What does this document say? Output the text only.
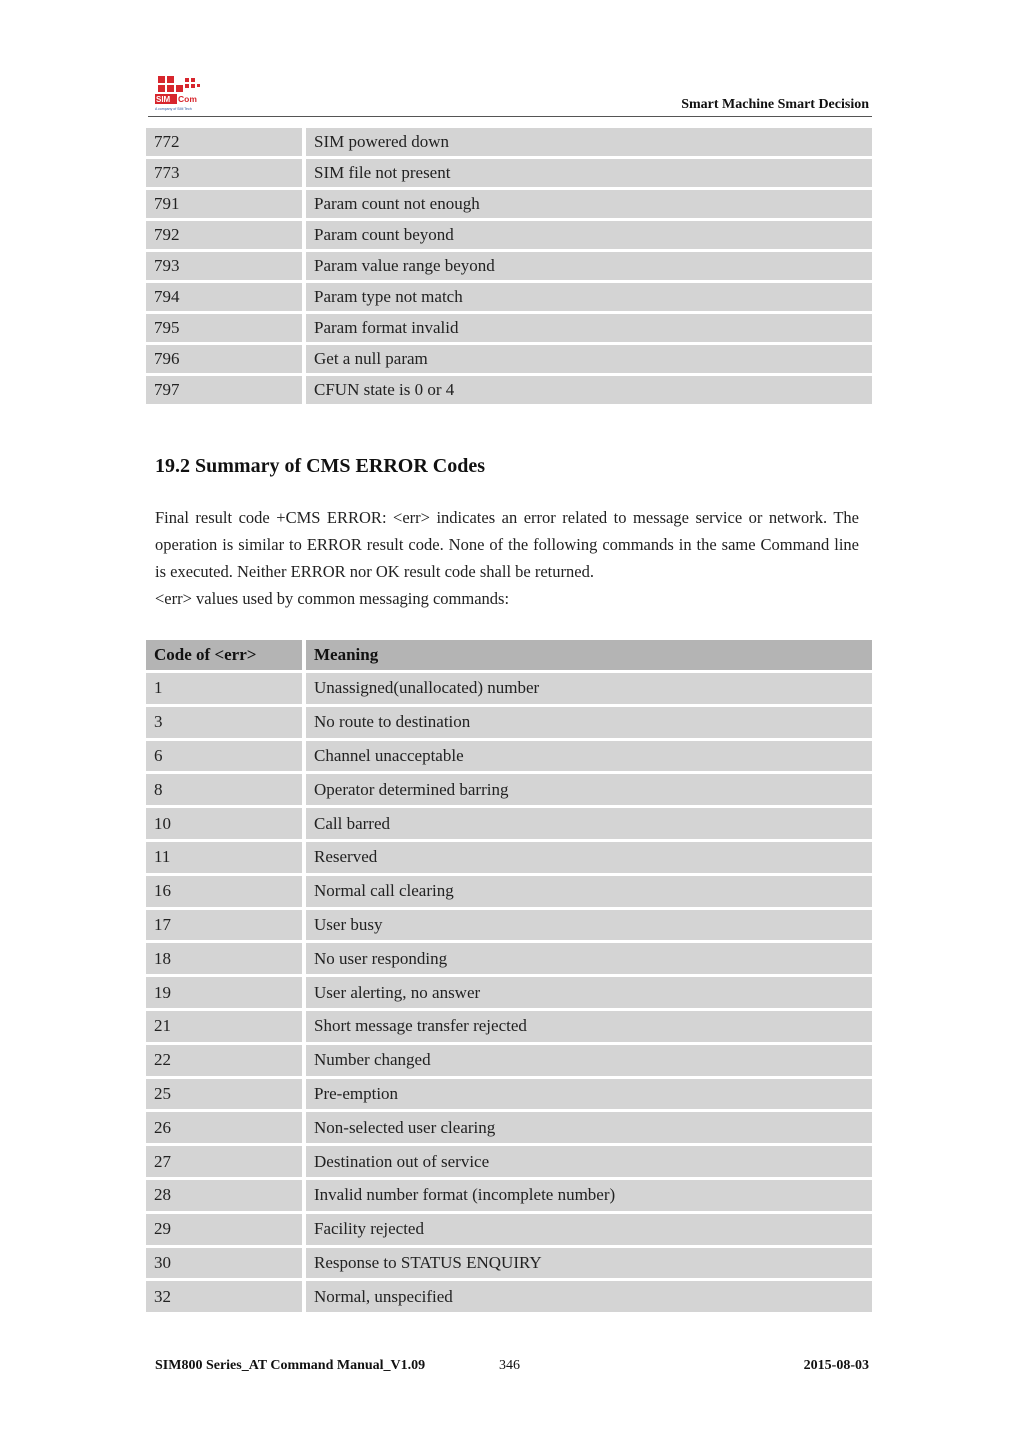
SIM Com
A company of SIM Tech	Smart Machine Smart Decision
772	SIM powered down
773	SIM file not present
791	Param count not enough
792	Param count beyond
793	Param value range beyond
794	Param type not match
795	Param format invalid
796	Get a null param
797	CFUN state is 0 or 4
19.2 Summary of CMS ERROR Codes

Final result code +CMS ERROR: <err> indicates an error related to message service or network. The operation is similar to ERROR result code. None of the following commands in the same Command line is executed. Neither ERROR nor OK result code shall be returned.

<err> values used by common messaging commands:

Code of <err>	Meaning
1	Unassigned(unallocated) number
3	No route to destination
6	Channel unacceptable
8	Operator determined barring
10	Call barred
11	Reserved
16	Normal call clearing
17	User busy
18	No user responding
19	User alerting, no answer
21	Short message transfer rejected
22	Number changed
25	Pre-emption
26	Non-selected user clearing
27	Destination out of service
28	Invalid number format (incomplete number)
29	Facility rejected
30	Response to STATUS ENQUIRY
32	Normal, unspecified
SIM800 Series_AT Command Manual_V1.09	346	2015-08-03
